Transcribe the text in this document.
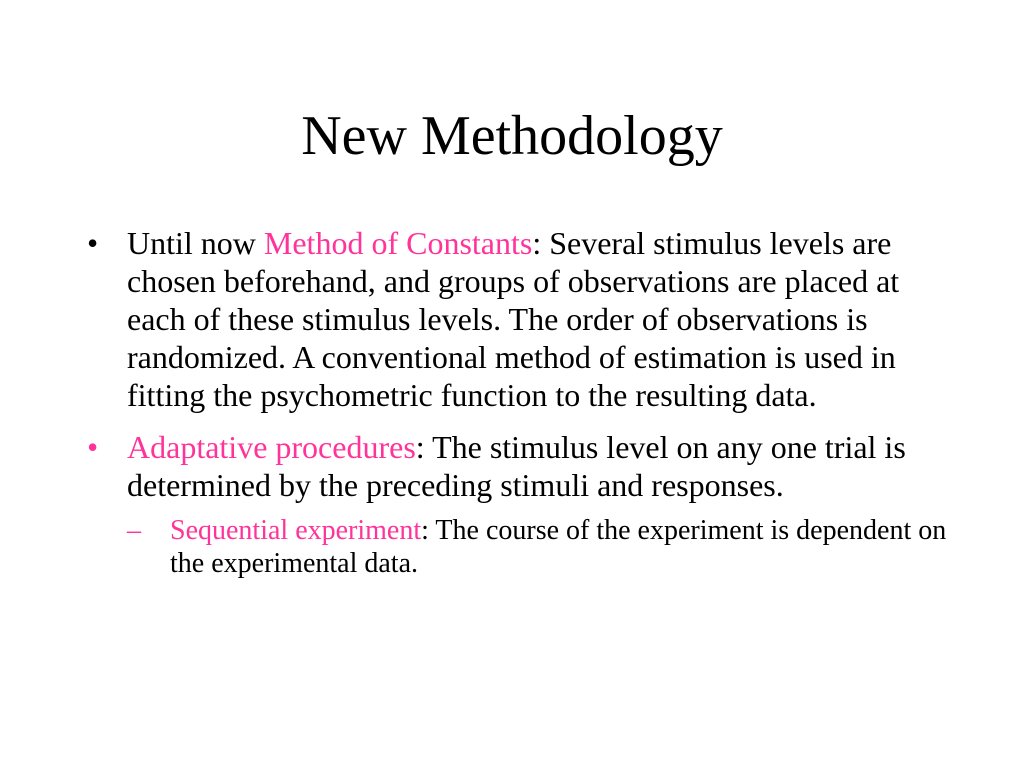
New Methodology
• Until now Method of Constants: Several stimulus levels are chosen beforehand, and groups of observations are placed at each of these stimulus levels. The order of observations is randomized. A conventional method of estimation is used in fitting the psychometric function to the resulting data.
• Adaptative procedures: The stimulus level on any one trial is determined by the preceding stimuli and responses.
–	Sequential experiment: The course of the experiment is dependent on the experimental data.
